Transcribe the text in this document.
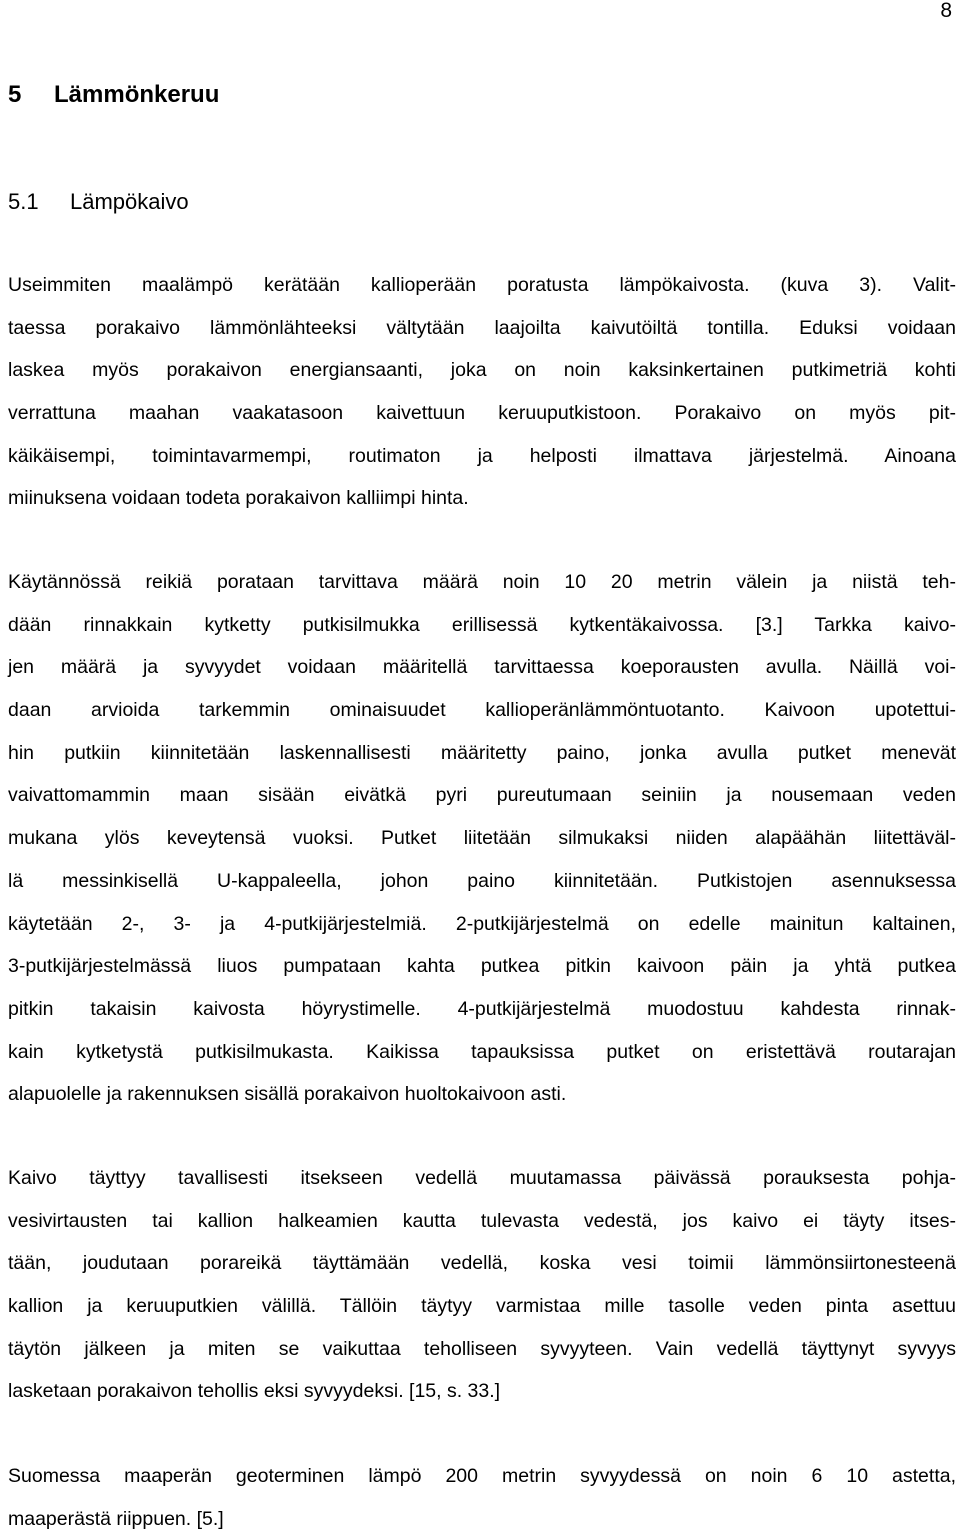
8
5 Lämmönkeruu
5.1 Lämpökaivo
Useimmiten maalämpö kerätään kallioperään poratusta lämpökaivosta. (kuva 3). Valit-
taessa porakaivo lämmönlähteeksi vältytään laajoilta kaivutöiltä tontilla. Eduksi voidaan
laskea myös porakaivon energiansaanti, joka on noin kaksinkertainen putkimetriä kohti
verrattuna maahan vaakatasoon kaivettuun keruuputkistoon. Porakaivo on myös pit-
käikäisempi, toimintavarmempi, routimaton ja helposti ilmattava järjestelmä. Ainoana
miinuksena voidaan todeta porakaivon kalliimpi hinta.
Käytännössä reikiä porataan tarvittava määrä noin 10 20 metrin välein ja niistä teh-
dään rinnakkain kytketty putkisilmukka erillisessä kytkentäkaivossa. [3.] Tarkka kaivo-
jen määrä ja syvyydet voidaan määritellä tarvittaessa koeporausten avulla. Näillä voi-
daan arvioida tarkemmin ominaisuudet kallioperänlämmöntuotanto. Kaivoon upotettui-
hin putkiin kiinnitetään laskennallisesti määritetty paino, jonka avulla putket menevät
vaivattomammin maan sisään eivätkä pyri pureutumaan seiniin ja nousemaan veden
mukana ylös keveytensä vuoksi. Putket liitetään silmukaksi niiden alapäähän liitettäväl-
lä messinkisellä U-kappaleella, johon paino kiinnitetään. Putkistojen asennuksessa
käytetään 2-, 3- ja 4-putkijärjestelmiä. 2-putkijärjestelmä on edelle mainitun kaltainen,
3-putkijärjestelmässä liuos pumpataan kahta putkea pitkin kaivoon päin ja yhtä putkea
pitkin takaisin kaivosta höyrystimelle. 4-putkijärjestelmä muodostuu kahdesta rinnak-
kain kytketystä putkisilmukasta. Kaikissa tapauksissa putket on eristettävä routarajan
alapuolelle ja rakennuksen sisällä porakaivon huoltokaivoon asti.
Kaivo täyttyy tavallisesti itsekseen vedellä muutamassa päivässä porauksesta pohja-
vesivirtausten tai kallion halkeamien kautta tulevasta vedestä, jos kaivo ei täyty itses-
tään, joudutaan porareikä täyttämään vedellä, koska vesi toimii lämmönsiirtonesteenä
kallion ja keruuputkien välillä. Tällöin täytyy varmistaa mille tasolle veden pinta asettuu
täytön jälkeen ja miten se vaikuttaa teholliseen syvyyteen. Vain vedellä täyttynyt syvyys
lasketaan porakaivon tehollis eksi syvyydeksi. [15, s. 33.]
Suomessa maaperän geoterminen lämpö 200 metrin syvyydessä on noin 6 10 astetta,
maaperästä riippuen. [5.]
